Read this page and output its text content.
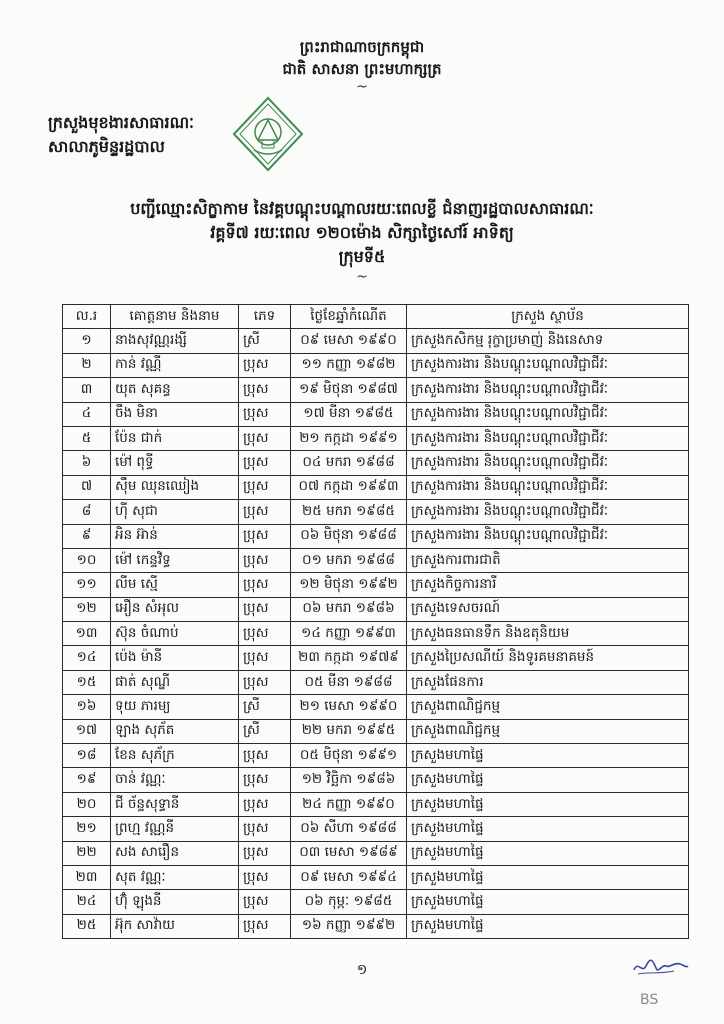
ព្រះរាជាណាចក្រកម្ពុជា
ជាតិ សាសនា ព្រះមហាក្សត្រ
~
ក្រសួងមុខងារសាធារណៈ
សាលាភូមិន្ទរដ្ឋបាល
បញ្ជីឈ្មោះសិក្ខាកាម នៃវគ្គបណ្តុះបណ្តាលរយៈពេលខ្លី ជំនាញរដ្ឋបាលសាធារណៈ
វគ្គទី៧ រយៈពេល ១២០ម៉ោង សិក្សាថ្ងៃសៅរ៍ អាទិត្យ
ក្រុមទី៥
~
ល.រ	គោត្តនាម និងនាម	ភេទ	ថ្ងៃខែឆ្នាំកំណើត	ក្រសួង ស្ថាប័ន
១	នាងសុវណ្ណរង្សី	ស្រី	០៩ មេសា ១៩៩០	ក្រសួងកសិកម្ម រុក្ខាប្រមាញ់ និងនេសាទ
២	កាន់ វណ្ណី	ប្រុស	១១ កញ្ញា ១៩៨២	ក្រសួងការងារ និងបណ្តុះបណ្តាលវិជ្ជាជីវៈ
៣	យុត សុគន្ធ	ប្រុស	១៩ មិថុនា ១៩៨៧	ក្រសួងការងារ និងបណ្តុះបណ្តាលវិជ្ជាជីវៈ
៤	ចឹង មិនា	ប្រុស	១៧ មីនា ១៩៨៥	ក្រសួងការងារ និងបណ្តុះបណ្តាលវិជ្ជាជីវៈ
៥	ប៉ែន ជាក់	ប្រុស	២១ កក្កដា ១៩៩១	ក្រសួងការងារ និងបណ្តុះបណ្តាលវិជ្ជាជីវៈ
៦	ម៉ៅ ពុទ្ធី	ប្រុស	០៤ មករា ១៩៨៨	ក្រសួងការងារ និងបណ្តុះបណ្តាលវិជ្ជាជីវៈ
៧	ស៊ឹម ឈុនឈៀង	ប្រុស	០៧ កក្កដា ១៩៩៣	ក្រសួងការងារ និងបណ្តុះបណ្តាលវិជ្ជាជីវៈ
៨	ហ៊ី សុជា	ប្រុស	២៥ មករា ១៩៨៥	ក្រសួងការងារ និងបណ្តុះបណ្តាលវិជ្ជាជីវៈ
៩	អិន អ៊ាន់	ប្រុស	០៦ មិថុនា ១៩៨៨	ក្រសួងការងារ និងបណ្តុះបណ្តាលវិជ្ជាជីវៈ
១០	ម៉ៅ កេន្ទវិទ្ធ	ប្រុស	០១ មករា ១៩៨៨	ក្រសួងការពារជាតិ
១១	លីម ស្មើ	ប្រុស	១២ មិថុនា ១៩៩២	ក្រសួងកិច្ចការនារី
១២	អឿន សំអុល	ប្រុស	០៦ មករា ១៩៨៦	ក្រសួងទេសចរណ៍
១៣	ស៊ុន ចំណាប់	ប្រុស	១៤ កញ្ញា ១៩៩៣	ក្រសួងធនធានទឹក និងឧតុនិយម
១៤	ប៉េង ម៉ានី	ប្រុស	២៣ កក្កដា ១៩៧៩	ក្រសួងប្រៃសណីយ៍ និងទូរគមនាគមន៍
១៥	ផាត់ សុណ្ឌី	ប្រុស	០៥ មីនា ១៩៨៨	ក្រសួងផែនការ
១៦	ទុយ ភារម្យ	ស្រី	២១ មេសា ១៩៩០	ក្រសួងពាណិជ្ជកម្ម
១៧	ឡាង សុភ័ត	ស្រី	២២ មករា ១៩៩៥	ក្រសួងពាណិជ្ជកម្ម
១៨	ខែន សុភ័ក្រ	ប្រុស	០៥ មិថុនា ១៩៩១	ក្រសួងមហាផ្ទៃ
១៩	ចាន់ វណ្ណៈ	ប្រុស	១២ វិច្ឆិកា ១៩៨៦	ក្រសួងមហាផ្ទៃ
២០	ជី ច័ន្ទសុទ្ធានី	ប្រុស	២៤ កញ្ញា ១៩៩០	ក្រសួងមហាផ្ទៃ
២១	ព្រហ្ម វណ្ណនី	ប្រុស	០៦ សីហា ១៩៨៨	ក្រសួងមហាផ្ទៃ
២២	សង សារឿន	ប្រុស	០៣ មេសា ១៩៨៩	ក្រសួងមហាផ្ទៃ
២៣	សុត វណ្ណៈ	ប្រុស	០៩ មេសា ១៩៩៤	ក្រសួងមហាផ្ទៃ
២៤	ហ៊ុំ ឡុងនី	ប្រុស	០៦ កុម្ភៈ ១៩៨៥	ក្រសួងមហាផ្ទៃ
២៥	អ៊ុក សាវ៉ាយ	ប្រុស	១៦ កញ្ញា ១៩៩២	ក្រសួងមហាផ្ទៃ
១
BS
